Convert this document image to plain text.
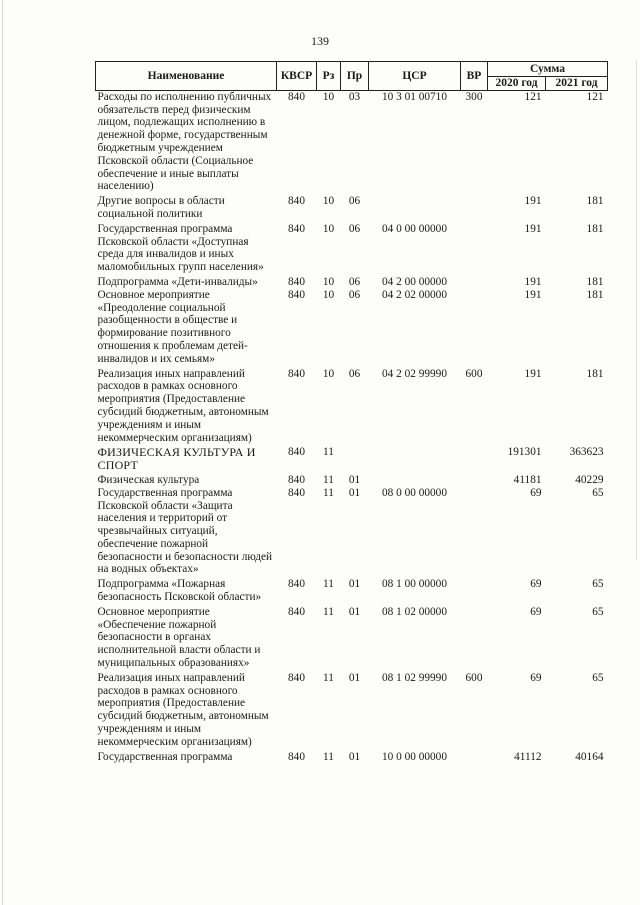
139
Наименование	КВСР	Рз	Пр	ЦСР	ВР	Сумма	
						2020 год	2021 год
Расходы по исполнению публичных обязательств перед физическим лицом, подлежащих исполнению в денежной форме, государственным бюджетным учреждением Псковской области (Социальное обеспечение и иные выплаты населению)	840	10	03	10 3 01 00710	300	121	121
Другие вопросы в области социальной политики	840	10	06			191	181
Государственная программа Псковской области «Доступная среда для инвалидов и иных маломобильных групп населения»	840	10	06	04 0 00 00000		191	181
Подпрограмма «Дети-инвалиды»	840	10	06	04 2 00 00000		191	181
Основное мероприятие «Преодоление социальной разобщенности в обществе и формирование позитивного отношения к проблемам детей-инвалидов и их семьям»	840	10	06	04 2 02 00000		191	181
Реализация иных направлений расходов в рамках основного мероприятия (Предоставление субсидий бюджетным, автономным учреждениям и иным некоммерческим организациям)	840	10	06	04 2 02 99990	600	191	181
ФИЗИЧЕСКАЯ КУЛЬТУРА И СПОРТ	840	11				191301	363623
Физическая культура	840	11	01			41181	40229
Государственная программа Псковской области «Защита населения и территорий от чрезвычайных ситуаций, обеспечение пожарной безопасности и безопасности людей на водных объектах»	840	11	01	08 0 00 00000		69	65
Подпрограмма «Пожарная безопасность Псковской области»	840	11	01	08 1 00 00000		69	65
Основное мероприятие «Обеспечение пожарной безопасности в органах исполнительной власти области и муниципальных образованиях»	840	11	01	08 1 02 00000		69	65
Реализация иных направлений расходов в рамках основного мероприятия (Предоставление субсидий бюджетным, автономным учреждениям и иным некоммерческим организациям)	840	11	01	08 1 02 99990	600	69	65
Государственная программа	840	11	01	10 0 00 00000		41112	40164
